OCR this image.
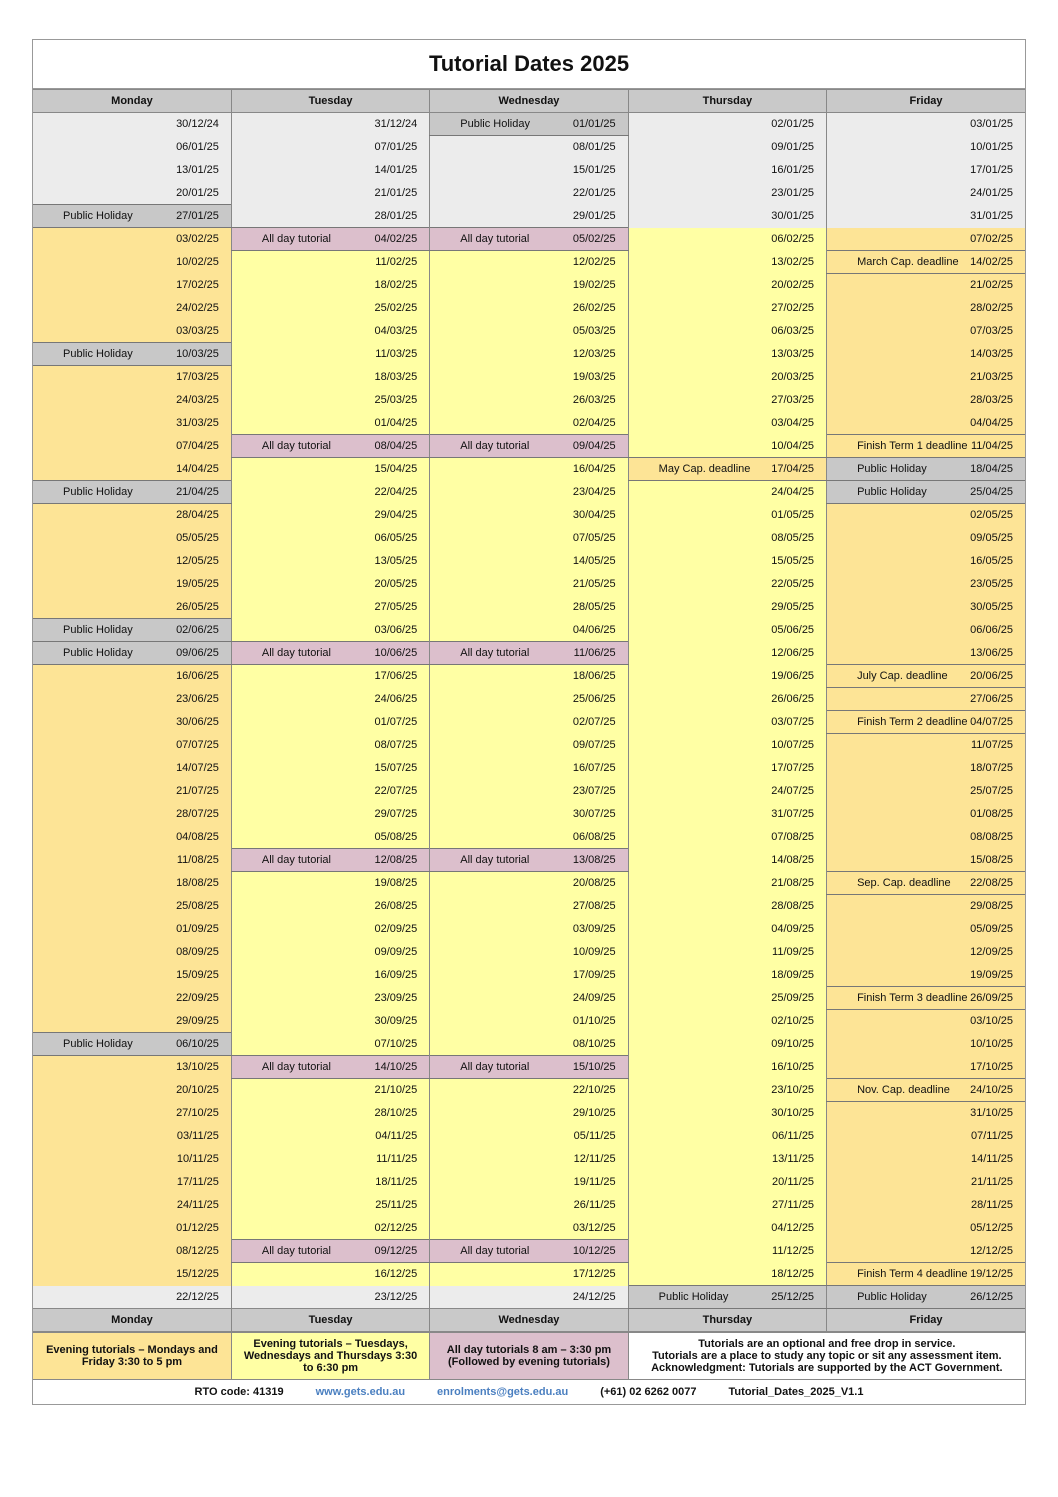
Tutorial Dates 2025
Monday	Tuesday	Wednesday	Thursday	Friday

30/12/24	31/12/24	Public Holiday 01/01/25	02/01/25	03/01/25

06/01/25	07/01/25	08/01/25	09/01/25	10/01/25

13/01/25	14/01/25	15/01/25	16/01/25	17/01/25

20/01/25	21/01/25	22/01/25	23/01/25	24/01/25

Public Holiday 27/01/25	28/01/25	29/01/25	30/01/25	31/01/25

03/02/25	All day tutorial 04/02/25	All day tutorial 05/02/25	06/02/25	07/02/25

10/02/25	11/02/25	12/02/25	13/02/25	March Cap. deadline 14/02/25

17/02/25	18/02/25	19/02/25	20/02/25	21/02/25

24/02/25	25/02/25	26/02/25	27/02/25	28/02/25

03/03/25	04/03/25	05/03/25	06/03/25	07/03/25

Public Holiday 10/03/25	11/03/25	12/03/25	13/03/25	14/03/25

17/03/25	18/03/25	19/03/25	20/03/25	21/03/25

24/03/25	25/03/25	26/03/25	27/03/25	28/03/25

31/03/25	01/04/25	02/04/25	03/04/25	04/04/25

07/04/25	All day tutorial 08/04/25	All day tutorial 09/04/25	10/04/25	Finish Term 1 deadline 11/04/25

14/04/25	15/04/25	16/04/25	May Cap. deadline 17/04/25	Public Holiday 18/04/25

Public Holiday 21/04/25	22/04/25	23/04/25	24/04/25	Public Holiday 25/04/25

28/04/25	29/04/25	30/04/25	01/05/25	02/05/25

05/05/25	06/05/25	07/05/25	08/05/25	09/05/25

12/05/25	13/05/25	14/05/25	15/05/25	16/05/25

19/05/25	20/05/25	21/05/25	22/05/25	23/05/25

26/05/25	27/05/25	28/05/25	29/05/25	30/05/25

Public Holiday 02/06/25	03/06/25	04/06/25	05/06/25	06/06/25

Public Holiday 09/06/25	All day tutorial 10/06/25	All day tutorial 11/06/25	12/06/25	13/06/25

16/06/25	17/06/25	18/06/25	19/06/25	July Cap. deadline 20/06/25

23/06/25	24/06/25	25/06/25	26/06/25	27/06/25

30/06/25	01/07/25	02/07/25	03/07/25	Finish Term 2 deadline 04/07/25

07/07/25	08/07/25	09/07/25	10/07/25	11/07/25

14/07/25	15/07/25	16/07/25	17/07/25	18/07/25

21/07/25	22/07/25	23/07/25	24/07/25	25/07/25

28/07/25	29/07/25	30/07/25	31/07/25	01/08/25

04/08/25	05/08/25	06/08/25	07/08/25	08/08/25

11/08/25	All day tutorial 12/08/25	All day tutorial 13/08/25	14/08/25	15/08/25

18/08/25	19/08/25	20/08/25	21/08/25	Sep. Cap. deadline 22/08/25

25/08/25	26/08/25	27/08/25	28/08/25	29/08/25

01/09/25	02/09/25	03/09/25	04/09/25	05/09/25

08/09/25	09/09/25	10/09/25	11/09/25	12/09/25

15/09/25	16/09/25	17/09/25	18/09/25	19/09/25

22/09/25	23/09/25	24/09/25	25/09/25	Finish Term 3 deadline 26/09/25

29/09/25	30/09/25	01/10/25	02/10/25	03/10/25

Public Holiday 06/10/25	07/10/25	08/10/25	09/10/25	10/10/25

13/10/25	All day tutorial 14/10/25	All day tutorial 15/10/25	16/10/25	17/10/25

20/10/25	21/10/25	22/10/25	23/10/25	Nov. Cap. deadline 24/10/25

27/10/25	28/10/25	29/10/25	30/10/25	31/10/25

03/11/25	04/11/25	05/11/25	06/11/25	07/11/25

10/11/25	11/11/25	12/11/25	13/11/25	14/11/25

17/11/25	18/11/25	19/11/25	20/11/25	21/11/25

24/11/25	25/11/25	26/11/25	27/11/25	28/11/25

01/12/25	02/12/25	03/12/25	04/12/25	05/12/25

08/12/25	All day tutorial 09/12/25	All day tutorial 10/12/25	11/12/25	12/12/25

15/12/25	16/12/25	17/12/25	18/12/25	Finish Term 4 deadline 19/12/25

22/12/25	23/12/25	24/12/25	Public Holiday 25/12/25	Public Holiday 26/12/25

Monday	Tuesday	Wednesday	Thursday	Friday
Evening tutorials – Mondays and Friday 3:30 to 5 pm	Evening tutorials – Tuesdays, Wednesdays and Thursdays 3:30 to 6:30 pm	All day tutorials 8 am – 3:30 pm (Followed by evening tutorials)	
Tutorials are an optional and free drop in service.
Tutorials are a place to study any topic or sit any assessment item.
Acknowledgment: Tutorials are supported by the ACT Government.
RTO code: 41319	www.gets.edu.au	enrolments@gets.edu.au	(+61) 02 6262 0077	Tutorial_Dates_2025_V1.1
